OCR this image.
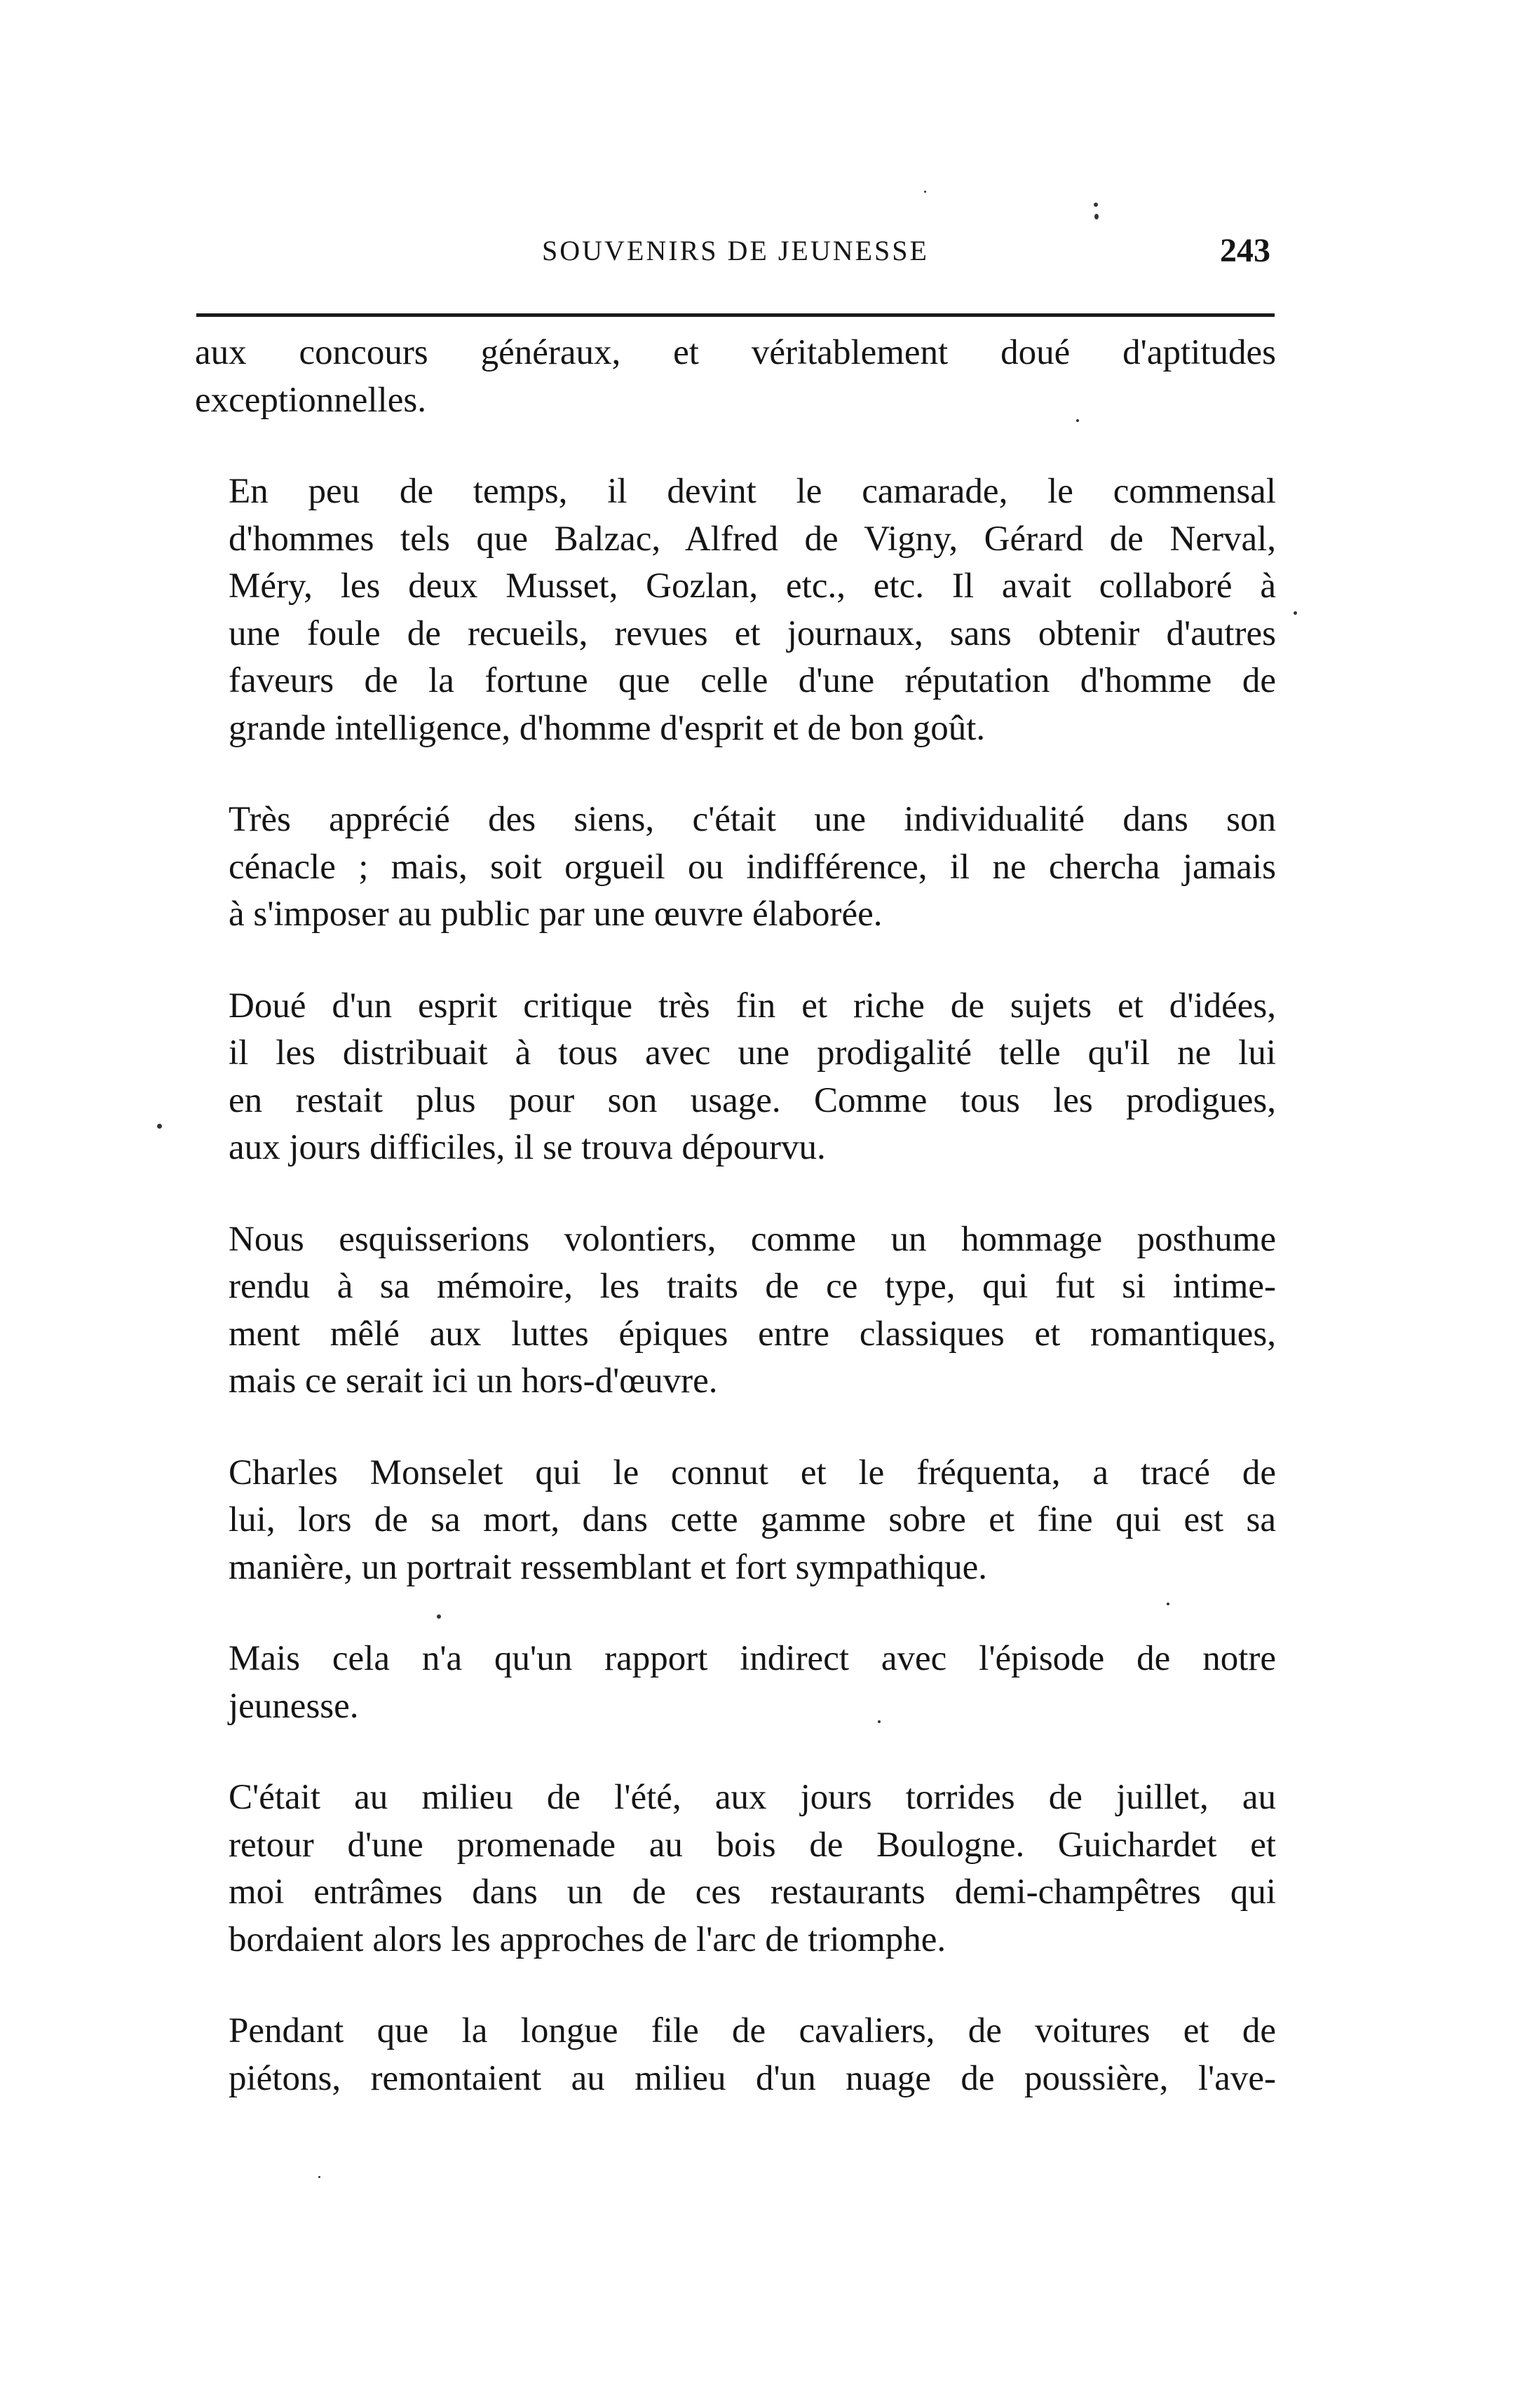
SOUVENIRS DE JEUNESSE	243

aux concours généraux, et véritablement doué d'aptitudes
exceptionnelles.

En peu de temps, il devint le camarade, le commensal
d'hommes tels que Balzac, Alfred de Vigny, Gérard de Nerval,
Méry, les deux Musset, Gozlan, etc., etc. Il avait collaboré à
une foule de recueils, revues et journaux, sans obtenir d'autres
faveurs de la fortune que celle d'une réputation d'homme de
grande intelligence, d'homme d'esprit et de bon goût.

Très apprécié des siens, c'était une individualité dans son
cénacle ; mais, soit orgueil ou indifférence, il ne chercha jamais
à s'imposer au public par une œuvre élaborée.

Doué d'un esprit critique très fin et riche de sujets et d'idées,
il les distribuait à tous avec une prodigalité telle qu'il ne lui
en restait plus pour son usage. Comme tous les prodigues,
aux jours difficiles, il se trouva dépourvu.

Nous esquisserions volontiers, comme un hommage posthume
rendu à sa mémoire, les traits de ce type, qui fut si intime-
ment mêlé aux luttes épiques entre classiques et romantiques,
mais ce serait ici un hors-d'œuvre.

Charles Monselet qui le connut et le fréquenta, a tracé de
lui, lors de sa mort, dans cette gamme sobre et fine qui est sa
manière, un portrait ressemblant et fort sympathique.

Mais cela n'a qu'un rapport indirect avec l'épisode de notre
jeunesse.

C'était au milieu de l'été, aux jours torrides de juillet, au
retour d'une promenade au bois de Boulogne. Guichardet et
moi entrâmes dans un de ces restaurants demi-champêtres qui
bordaient alors les approches de l'arc de triomphe.

Pendant que la longue file de cavaliers, de voitures et de
piétons, remontaient au milieu d'un nuage de poussière, l'ave-
